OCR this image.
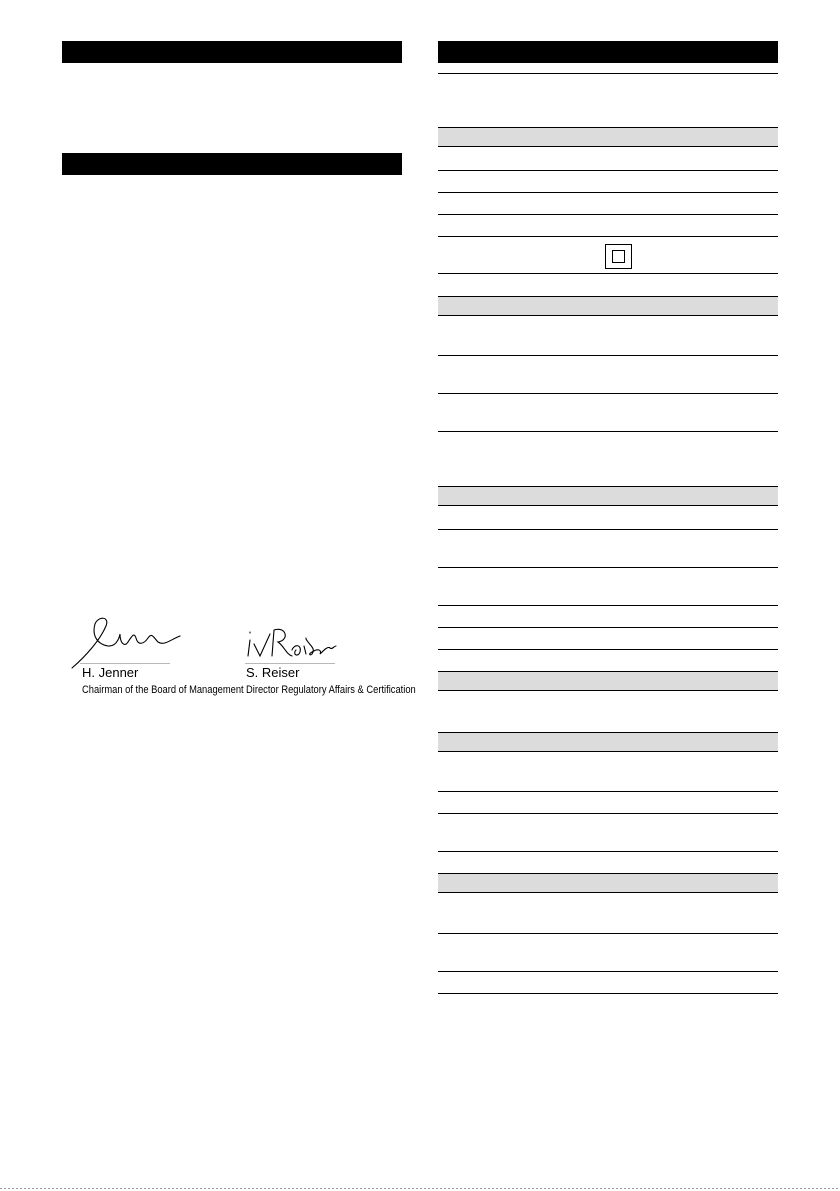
H. Jenner
Chairman of the Board of Management
S. Reiser
Director Regulatory Affairs & Certification
